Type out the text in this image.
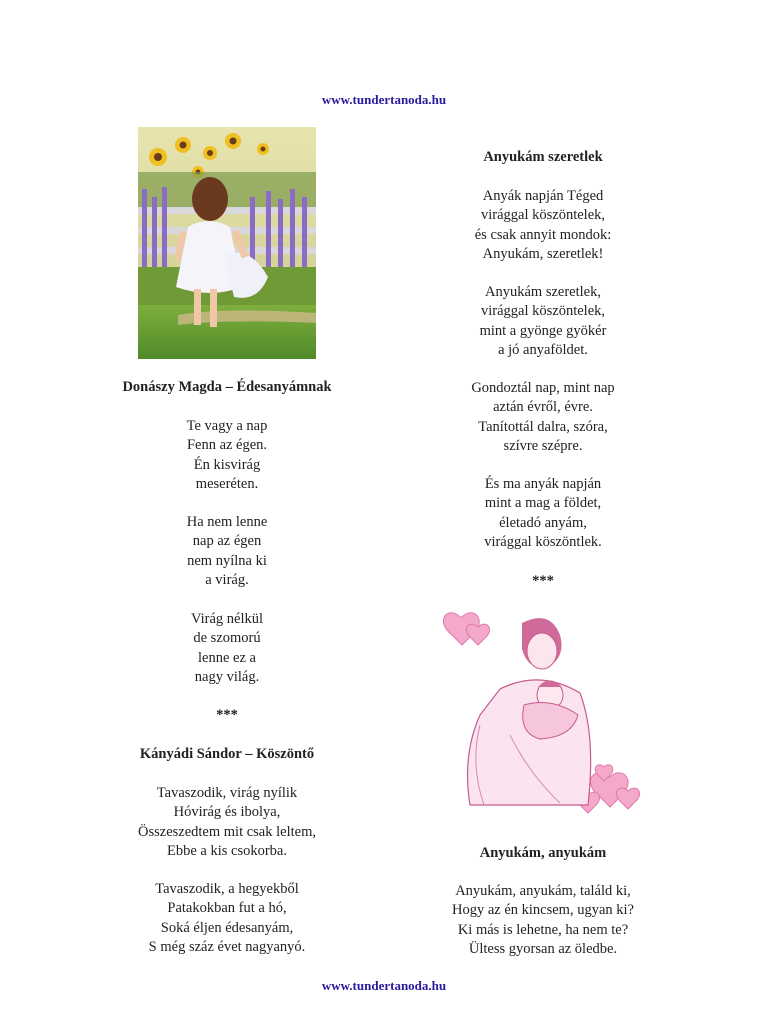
www.tundertanoda.hu
Donászy Magda – Édesanyámnak
Te vagy a nap
Fenn az égen.
Én kisvirág
meseréten.
Ha nem lenne
nap az égen
nem nyílna ki
a virág.
Virág nélkül
de szomorú
lenne ez a
nagy világ.
***
Kányádi Sándor – Köszöntő
Tavaszodik, virág nyílik
Hóvirág és ibolya,
Összeszedtem mit csak leltem,
Ebbe a kis csokorba.
Tavaszodik, a hegyekből
Patakokban fut a hó,
Soká éljen édesanyám,
S még száz évet nagyanyó.
Anyukám szeretlek
Anyák napján Téged
virággal köszöntelek,
és csak annyit mondok:
Anyukám, szeretlek!
Anyukám szeretlek,
virággal köszöntelek,
mint a gyönge gyökér
a jó anyaföldet.
Gondoztál nap, mint nap
aztán évről, évre.
Tanítottál dalra, szóra,
szívre szépre.
És ma anyák napján
mint a mag a földet,
életadó anyám,
virággal köszöntlek.
***
Anyukám, anyukám
Anyukám, anyukám, találd ki,
Hogy az én kincsem, ugyan ki?
Ki más is lehetne, ha nem te?
Ültess gyorsan az öledbe.
www.tundertanoda.hu
